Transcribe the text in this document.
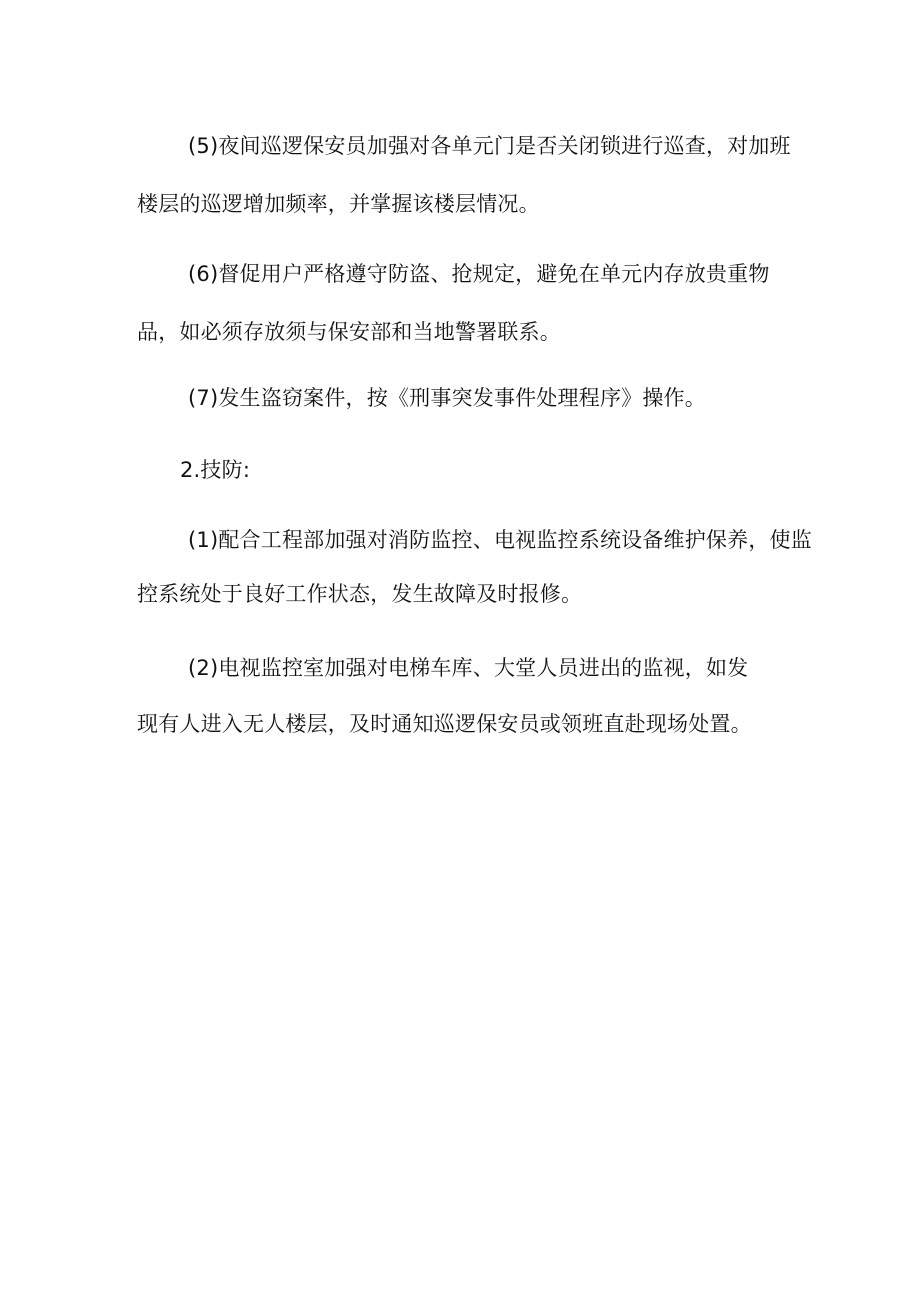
(5)夜间巡逻保安员加强对各单元门是否关闭锁进行巡查，对加班
楼层的巡逻增加频率，并掌握该楼层情况。
(6)督促用户严格遵守防盗、抢规定，避免在单元内存放贵重物
品，如必须存放须与保安部和当地警署联系。
(7)发生盗窃案件，按《刑事突发事件处理程序》操作。
2.技防:
(1)配合工程部加强对消防监控、电视监控系统设备维护保养，使监
控系统处于良好工作状态，发生故障及时报修。
(2)电视监控室加强对电梯车库、大堂人员进出的监视，如发
现有人进入无人楼层，及时通知巡逻保安员或领班直赴现场处置。
